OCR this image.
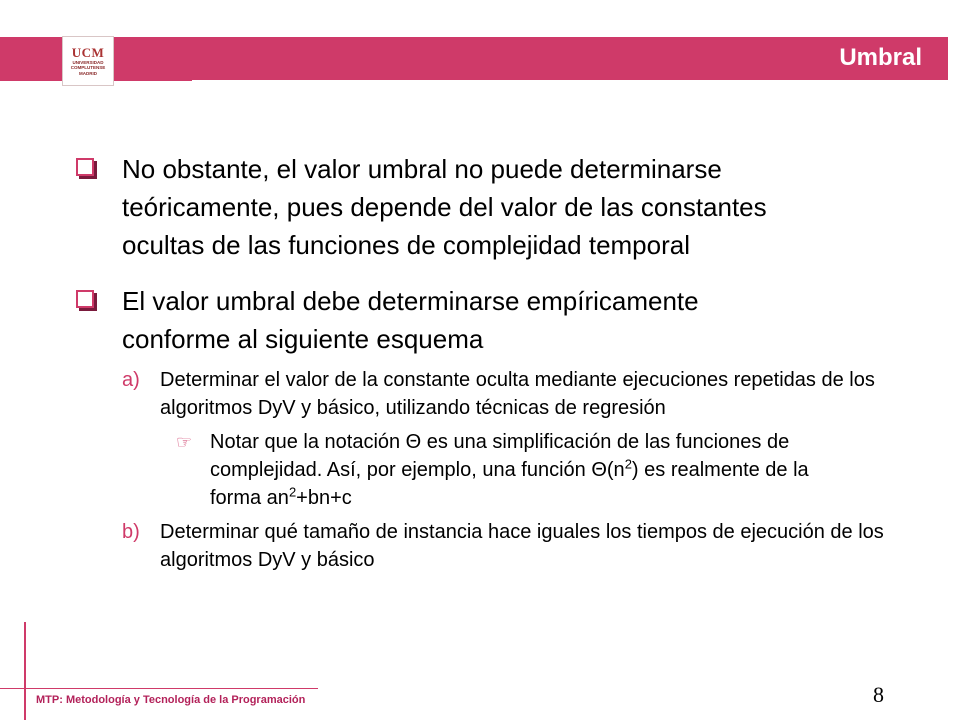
Umbral
UCM
UNIVERSIDAD
COMPLUTENSE
MADRID
No obstante, el valor umbral no puede determinarse teóricamente, pues depende del valor de las constantes ocultas de las funciones de complejidad temporal
El valor umbral debe determinarse empíricamente conforme al siguiente esquema
a)	Determinar el valor de la constante oculta mediante ejecuciones repetidas de los algoritmos DyV y básico, utilizando técnicas de regresión
☞ Notar que la notación Θ es una simplificación de las funciones de complejidad. Así, por ejemplo, una función $\Theta(n^2)$ es realmente de la forma $an^2+bn+c$
b)	Determinar qué tamaño de instancia hace iguales los tiempos de ejecución de los algoritmos DyV y básico
MTP: Metodología y Tecnología de la Programación	8
